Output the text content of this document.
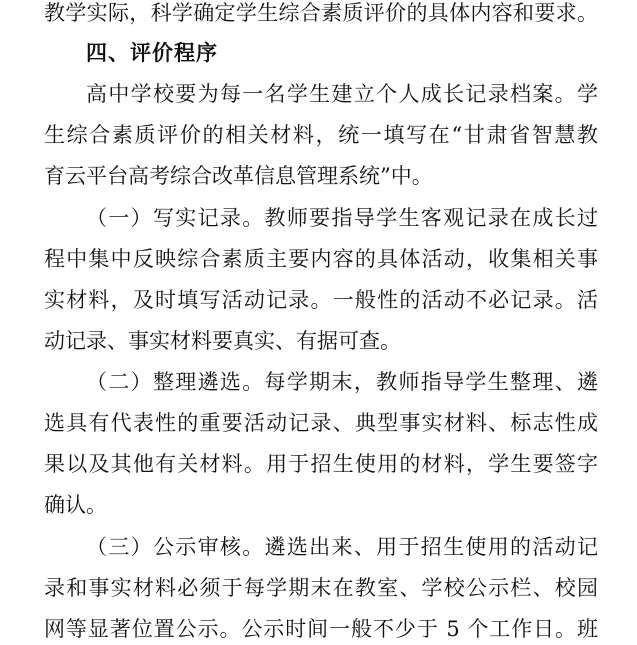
教学实际，科学确定学生综合素质评价的具体内容和要求。
四、评价程序
高中学校要为每一名学生建立个人成长记录档案。学
生综合素质评价的相关材料，统一填写在“甘肃省智慧教
育云平台高考综合改革信息管理系统”中。
（一）写实记录。教师要指导学生客观记录在成长过
程中集中反映综合素质主要内容的具体活动，收集相关事
实材料，及时填写活动记录。一般性的活动不必记录。活
动记录、事实材料要真实、有据可查。
（二）整理遴选。每学期末，教师指导学生整理、遴
选具有代表性的重要活动记录、典型事实材料、标志性成
果以及其他有关材料。用于招生使用的材料，学生要签字
确认。
（三）公示审核。遴选出来、用于招生使用的活动记
录和事实材料必须于每学期末在教室、学校公示栏、校园
网等显著位置公示。公示时间一般不少于 5 个工作日。班
